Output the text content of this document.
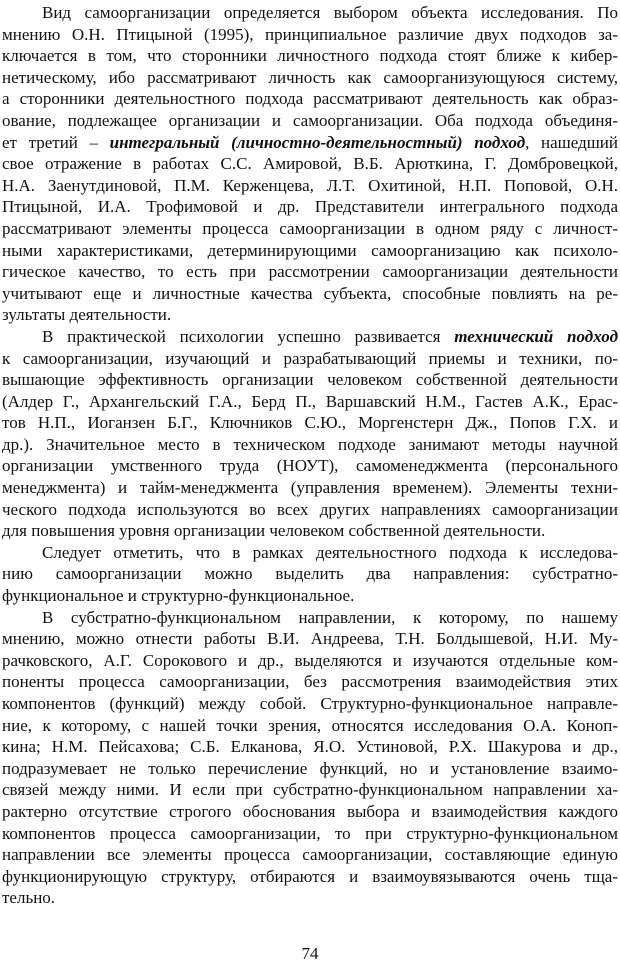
Вид самоорганизации определяется выбором объекта исследования. По
мнению О.Н. Птицыной (1995), принципиальное различие двух подходов за-
ключается в том, что сторонники личностного подхода стоят ближе к кибер-
нетическому, ибо рассматривают личность как самоорганизующуюся систему,
а сторонники деятельностного подхода рассматривают деятельность как образ-
ование, подлежащее организации и самоорганизации. Оба подхода объединя-
ет третий – интегральный (личностно-деятельностный) подход, нашедший
свое отражение в работах С.С. Амировой, В.Б. Арюткина, Г. Домбровецкой,
Н.А. Заенутдиновой, П.М. Керженцева, Л.Т. Охитиной, Н.П. Поповой, О.Н.
Птицыной, И.А. Трофимовой и др. Представители интегрального подхода
рассматривают элементы процесса самоорганизации в одном ряду с личност-
ными характеристиками, детерминирующими самоорганизацию как психоло-
гическое качество, то есть при рассмотрении самоорганизации деятельности
учитывают еще и личностные качества субъекта, способные повлиять на ре-
зультаты деятельности.
В практической психологии успешно развивается технический подход
к самоорганизации, изучающий и разрабатывающий приемы и техники, по-
вышающие эффективность организации человеком собственной деятельности
(Алдер Г., Архангельский Г.А., Берд П., Варшавский Н.М., Гастев А.К., Ерас-
тов Н.П., Иоганзен Б.Г., Ключников С.Ю., Моргенстерн Дж., Попов Г.Х. и
др.). Значительное место в техническом подходе занимают методы научной
организации умственного труда (НОУТ), самоменеджмента (персонального
менеджмента) и тайм-менеджмента (управления временем). Элементы техни-
ческого подхода используются во всех других направлениях самоорганизации
для повышения уровня организации человеком собственной деятельности.
Следует отметить, что в рамках деятельностного подхода к исследова-
нию самоорганизации можно выделить два направления: субстратно-
функциональное и структурно-функциональное.
В субстратно-функциональном направлении, к которому, по нашему
мнению, можно отнести работы В.И. Андреева, Т.Н. Болдышевой, Н.И. Му-
рачковского, А.Г. Сорокового и др., выделяются и изучаются отдельные ком-
поненты процесса самоорганизации, без рассмотрения взаимодействия этих
компонентов (функций) между собой. Структурно-функциональное направле-
ние, к которому, с нашей точки зрения, относятся исследования О.А. Коноп-
кина; Н.М. Пейсахова; С.Б. Елканова, Я.О. Устиновой, Р.Х. Шакурова и др.,
подразумевает не только перечисление функций, но и установление взаимо-
связей между ними. И если при субстратно-функциональном направлении ха-
рактерно отсутствие строгого обоснования выбора и взаимодействия каждого
компонентов процесса самоорганизации, то при структурно-функциональном
направлении все элементы процесса самоорганизации, составляющие единую
функционирующую структуру, отбираются и взаимоувязываются очень тща-
тельно.
74
